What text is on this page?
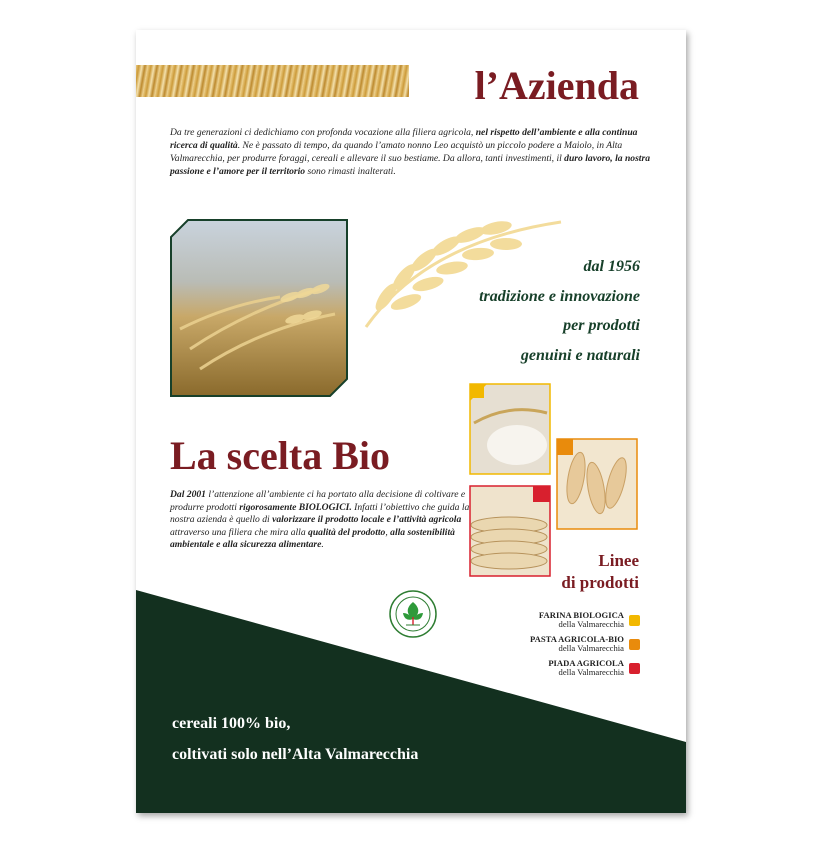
l’Azienda

Da tre generazioni ci dedichiamo con profonda vocazione alla filiera agricola, nel rispetto dell’ambiente e alla continua ricerca di qualità. Ne è passato di tempo, da quando l’amato nonno Leo acquistò un piccolo podere a Maiolo, in Alta Valmarecchia, per produrre foraggi, cereali e allevare il suo bestiame. Da allora, tanti investimenti, il duro lavoro, la nostra passione e l’amore per il territorio sono rimasti inalterati.

dal 1956
tradizione e innovazione
per prodotti
genuini e naturali
La scelta Bio

Dal 2001 l’attenzione all’ambiente ci ha portato alla decisione di coltivare e produrre prodotti rigorosamente BIOLOGICI. Infatti l’obiettivo che guida la nostra azienda è quello di valorizzare il prodotto locale e l’attività agricola attraverso una filiera che mira alla qualità del prodotto, alla sostenibilità ambientale e alla sicurezza alimentare.

Linee
di prodotti
FARINA BIOLOGICA
della Valmarecchia
PASTA AGRICOLA-BIO
della Valmarecchia
PIADA AGRICOLA
della Valmarecchia
cereali 100% bio,
coltivati solo nell’Alta Valmarecchia
